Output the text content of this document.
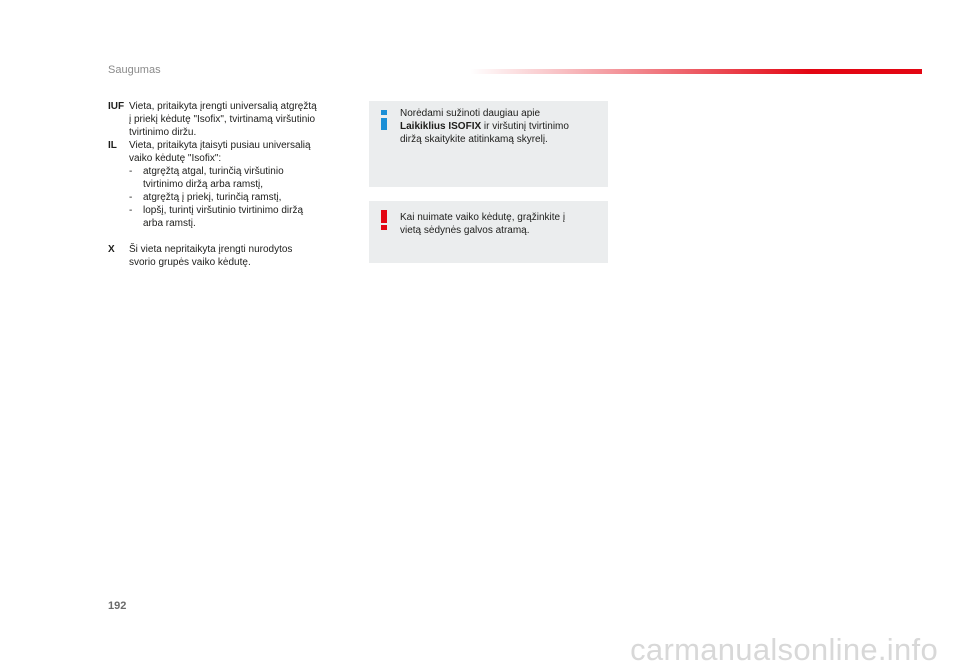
Saugumas
IUF Vieta, pritaikyta įrengti universalią atgręžtą
į priekį kėdutę "Isofix", tvirtinamą viršutinio
tvirtinimo diržu.
IL Vieta, pritaikyta įtaisyti pusiau universalią
vaiko kėdutę "Isofix":
- atgręžtą atgal, turinčią viršutinio
tvirtinimo diržą arba ramstį,
- atgręžtą į priekį, turinčią ramstį,
- lopšį, turintį viršutinio tvirtinimo diržą
arba ramstį.
X Ši vieta nepritaikyta įrengti nurodytos
svorio grupės vaiko kėdutę.
Norėdami sužinoti daugiau apie
Laikiklius ISOFIX ir viršutinį tvirtinimo
diržą skaitykite atitinkamą skyrelį.
Kai nuimate vaiko kėdutę, grąžinkite į
vietą sėdynės galvos atramą.
192
carmanualsonline.info
